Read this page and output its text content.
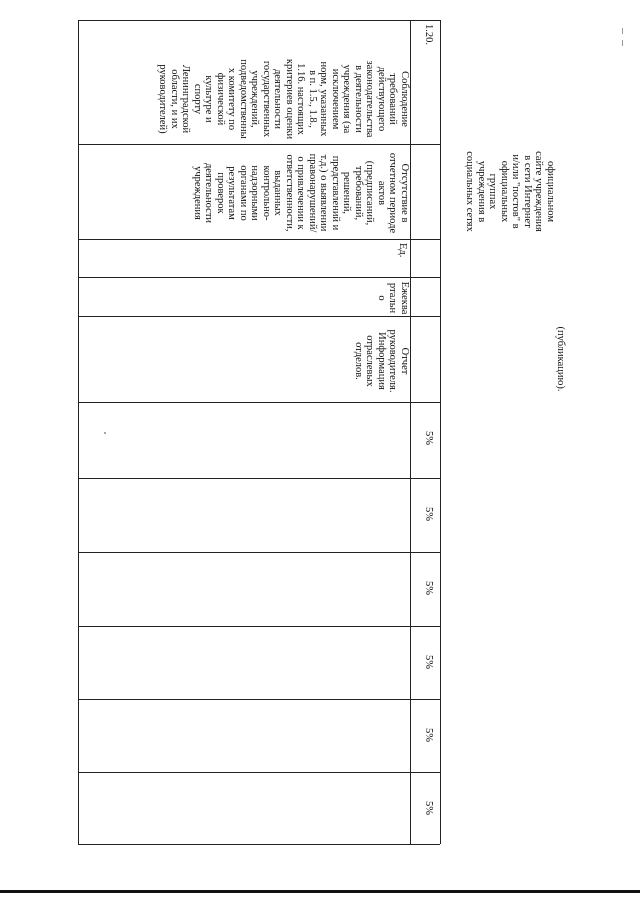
официальном
сайте учреждения
в сети Интернет
и/или "постов" в
официальных
группах
учреждения в
социальных сетях
(публикацию).
1.20.
Соблюдение
требований
действующего
законодательства
в деятельности
учреждения (за
исключением
норм, указанных
в п. 1.5., 1.8.,
1.16. настоящих
критериев оценки
деятельности
государственных
учреждений,
подведомственны
х комитету по
физической
культуре и
спорту
Ленинградской
области, и их
руководителей)
Отсутствие в
отчетном периоде
актов
(предписаний,
требований,
решений,
представлений и
т.д.) о выявлении
правонарушений/
о привлечении к
ответственности,
выданных
контрольно-
надзорными
органами по
результатам
проверок
деятельности
учреждения
Ед.
Ежеква
ртальн
о
Отчет
руководителя.
Информация
отраслевых
отделов.
5%
5%
5%
5%
5%
5%
